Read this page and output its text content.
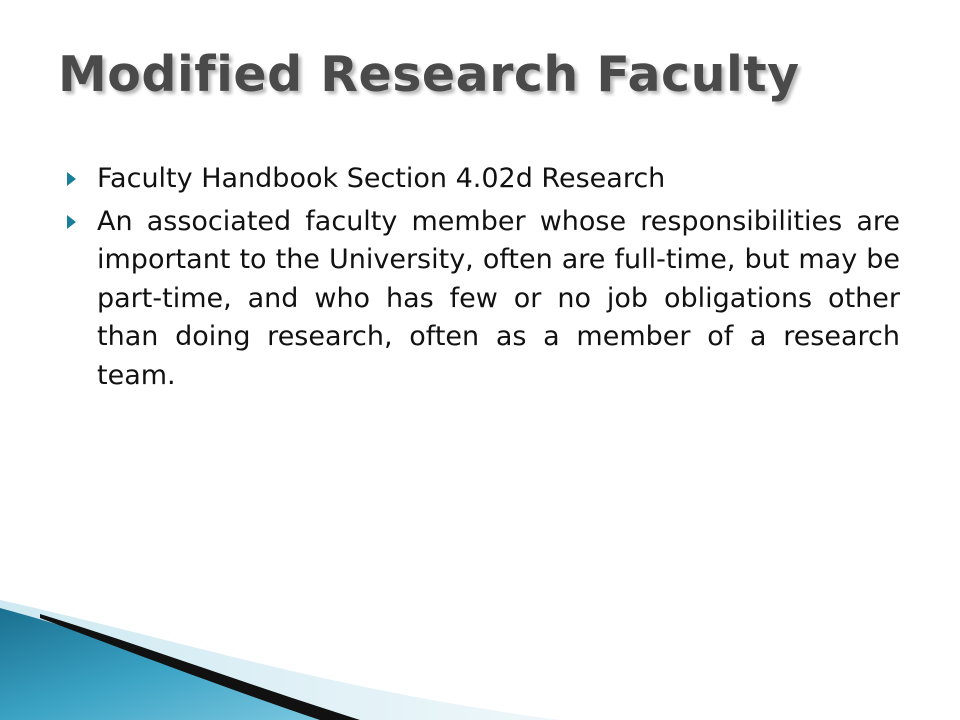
Modified Research Faculty
Faculty Handbook Section 4.02d Research
An associated faculty member whose responsibilities are important to the University, often are full-time, but may be part-time, and who has few or no job obligations other than doing research, often as a member of a research team.
